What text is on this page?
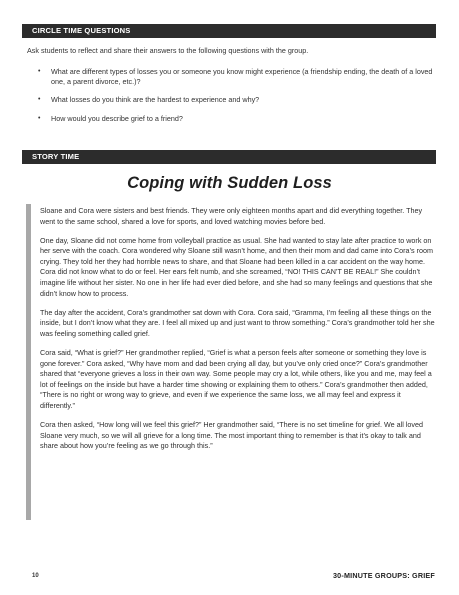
CIRCLE TIME QUESTIONS
Ask students to reflect and share their answers to the following questions with the group.
• What are different types of losses you or someone you know might experience (a friendship ending, the death of a loved one, a parent divorce, etc.)?
• What losses do you think are the hardest to experience and why?
• How would you describe grief to a friend?
STORY TIME
Coping with Sudden Loss

Sloane and Cora were sisters and best friends. They were only eighteen months apart and did everything together. They went to the same school, shared a love for sports, and loved watching movies before bed.

One day, Sloane did not come home from volleyball practice as usual. She had wanted to stay late after practice to work on her serve with the coach. Cora wondered why Sloane still wasn’t home, and then their mom and dad came into Cora’s room crying. They told her they had horrible news to share, and that Sloane had been killed in a car accident on the way home. Cora did not know what to do or feel. Her ears felt numb, and she screamed, “NO! THIS CAN’T BE REAL!” She couldn’t imagine life without her sister. No one in her life had ever died before, and she had so many feelings and questions that she didn’t know how to process.

The day after the accident, Cora’s grandmother sat down with Cora. Cora said, “Gramma, I’m feeling all these things on the inside, but I don’t know what they are. I feel all mixed up and just want to throw something.” Cora’s grandmother told her she was feeling something called grief.

Cora said, “What is grief?” Her grandmother replied, “Grief is what a person feels after someone or something they love is gone forever.” Cora asked, “Why have mom and dad been crying all day, but you’ve only cried once?” Cora’s grandmother shared that “everyone grieves a loss in their own way. Some people may cry a lot, while others, like you and me, may feel a lot of feelings on the inside but have a harder time showing or explaining them to others.” Cora’s grandmother then added, “There is no right or wrong way to grieve, and even if we experience the same loss, we all may feel and express it differently.”

Cora then asked, “How long will we feel this grief?” Her grandmother said, “There is no set timeline for grief. We all loved Sloane very much, so we will all grieve for a long time. The most important thing to remember is that it’s okay to talk and share about how you’re feeling as we go through this.”

10	30-MINUTE GROUPS: GRIEF
